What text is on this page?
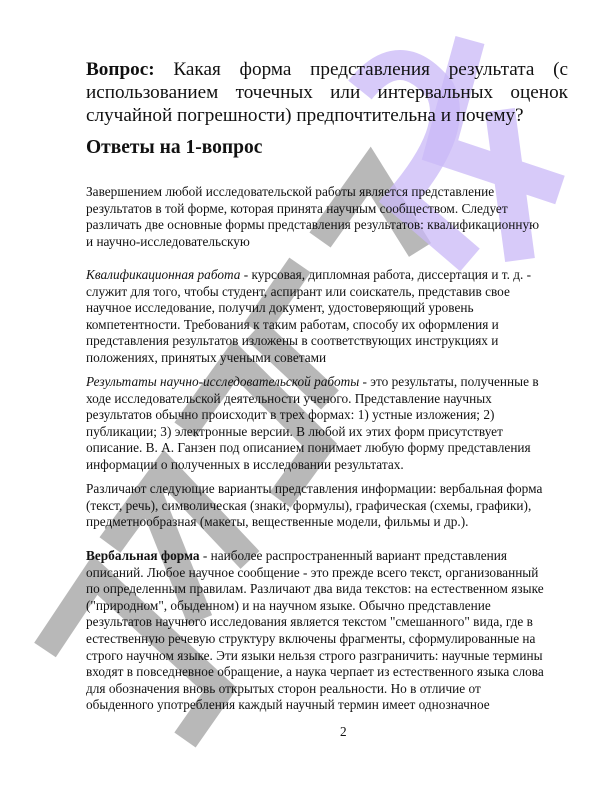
Вопрос: Какая форма представления результата (с
использованием точечных или интервальных оценок
случайной погрешности) предпочтительна и почему?
Ответы на 1-вопрос
Завершением любой исследовательской работы является представление
результатов в той форме, которая принята научным сообществом. Следует
различать две основные формы представления результатов: квалификационную
и научно-исследовательскую
Квалификационная работа - курсовая, дипломная работа, диссертация и т. д. -
служит для того, чтобы студент, аспирант или соискатель, представив свое
научное исследование, получил документ, удостоверяющий уровень
компетентности. Требования к таким работам, способу их оформления и
представления результатов изложены в соответствующих инструкциях и
положениях, принятых учеными советами
Результаты научно-исследовательской работы - это результаты, полученные в
ходе исследовательской деятельности ученого. Представление научных
результатов обычно происходит в трех формах: 1) устные изложения; 2)
публикации; 3) электронные версии. В любой их этих форм присутствует
описание. В. А. Ганзен под описанием понимает любую форму представления
информации о полученных в исследовании результатах.
Различают следующие варианты представления информации: вербальная форма
(текст, речь), символическая (знаки, формулы), графическая (схемы, графики),
предметнообразная (макеты, вещественные модели, фильмы и др.).
Вербальная форма - наиболее распространенный вариант представления
описаний. Любое научное сообщение - это прежде всего текст, организованный
по определенным правилам. Различают два вида текстов: на естественном языке
("природном", обыденном) и на научном языке. Обычно представление
результатов научного исследования является текстом "смешанного" вида, где в
естественную речевую структуру включены фрагменты, сформулированные на
строго научном языке. Эти языки нельзя строго разграничить: научные термины
входят в повседневное обращение, а наука черпает из естественного языка слова
для обозначения вновь открытых сторон реальности. Но в отличие от
обыденного употребления каждый научный термин имеет однозначное
2
